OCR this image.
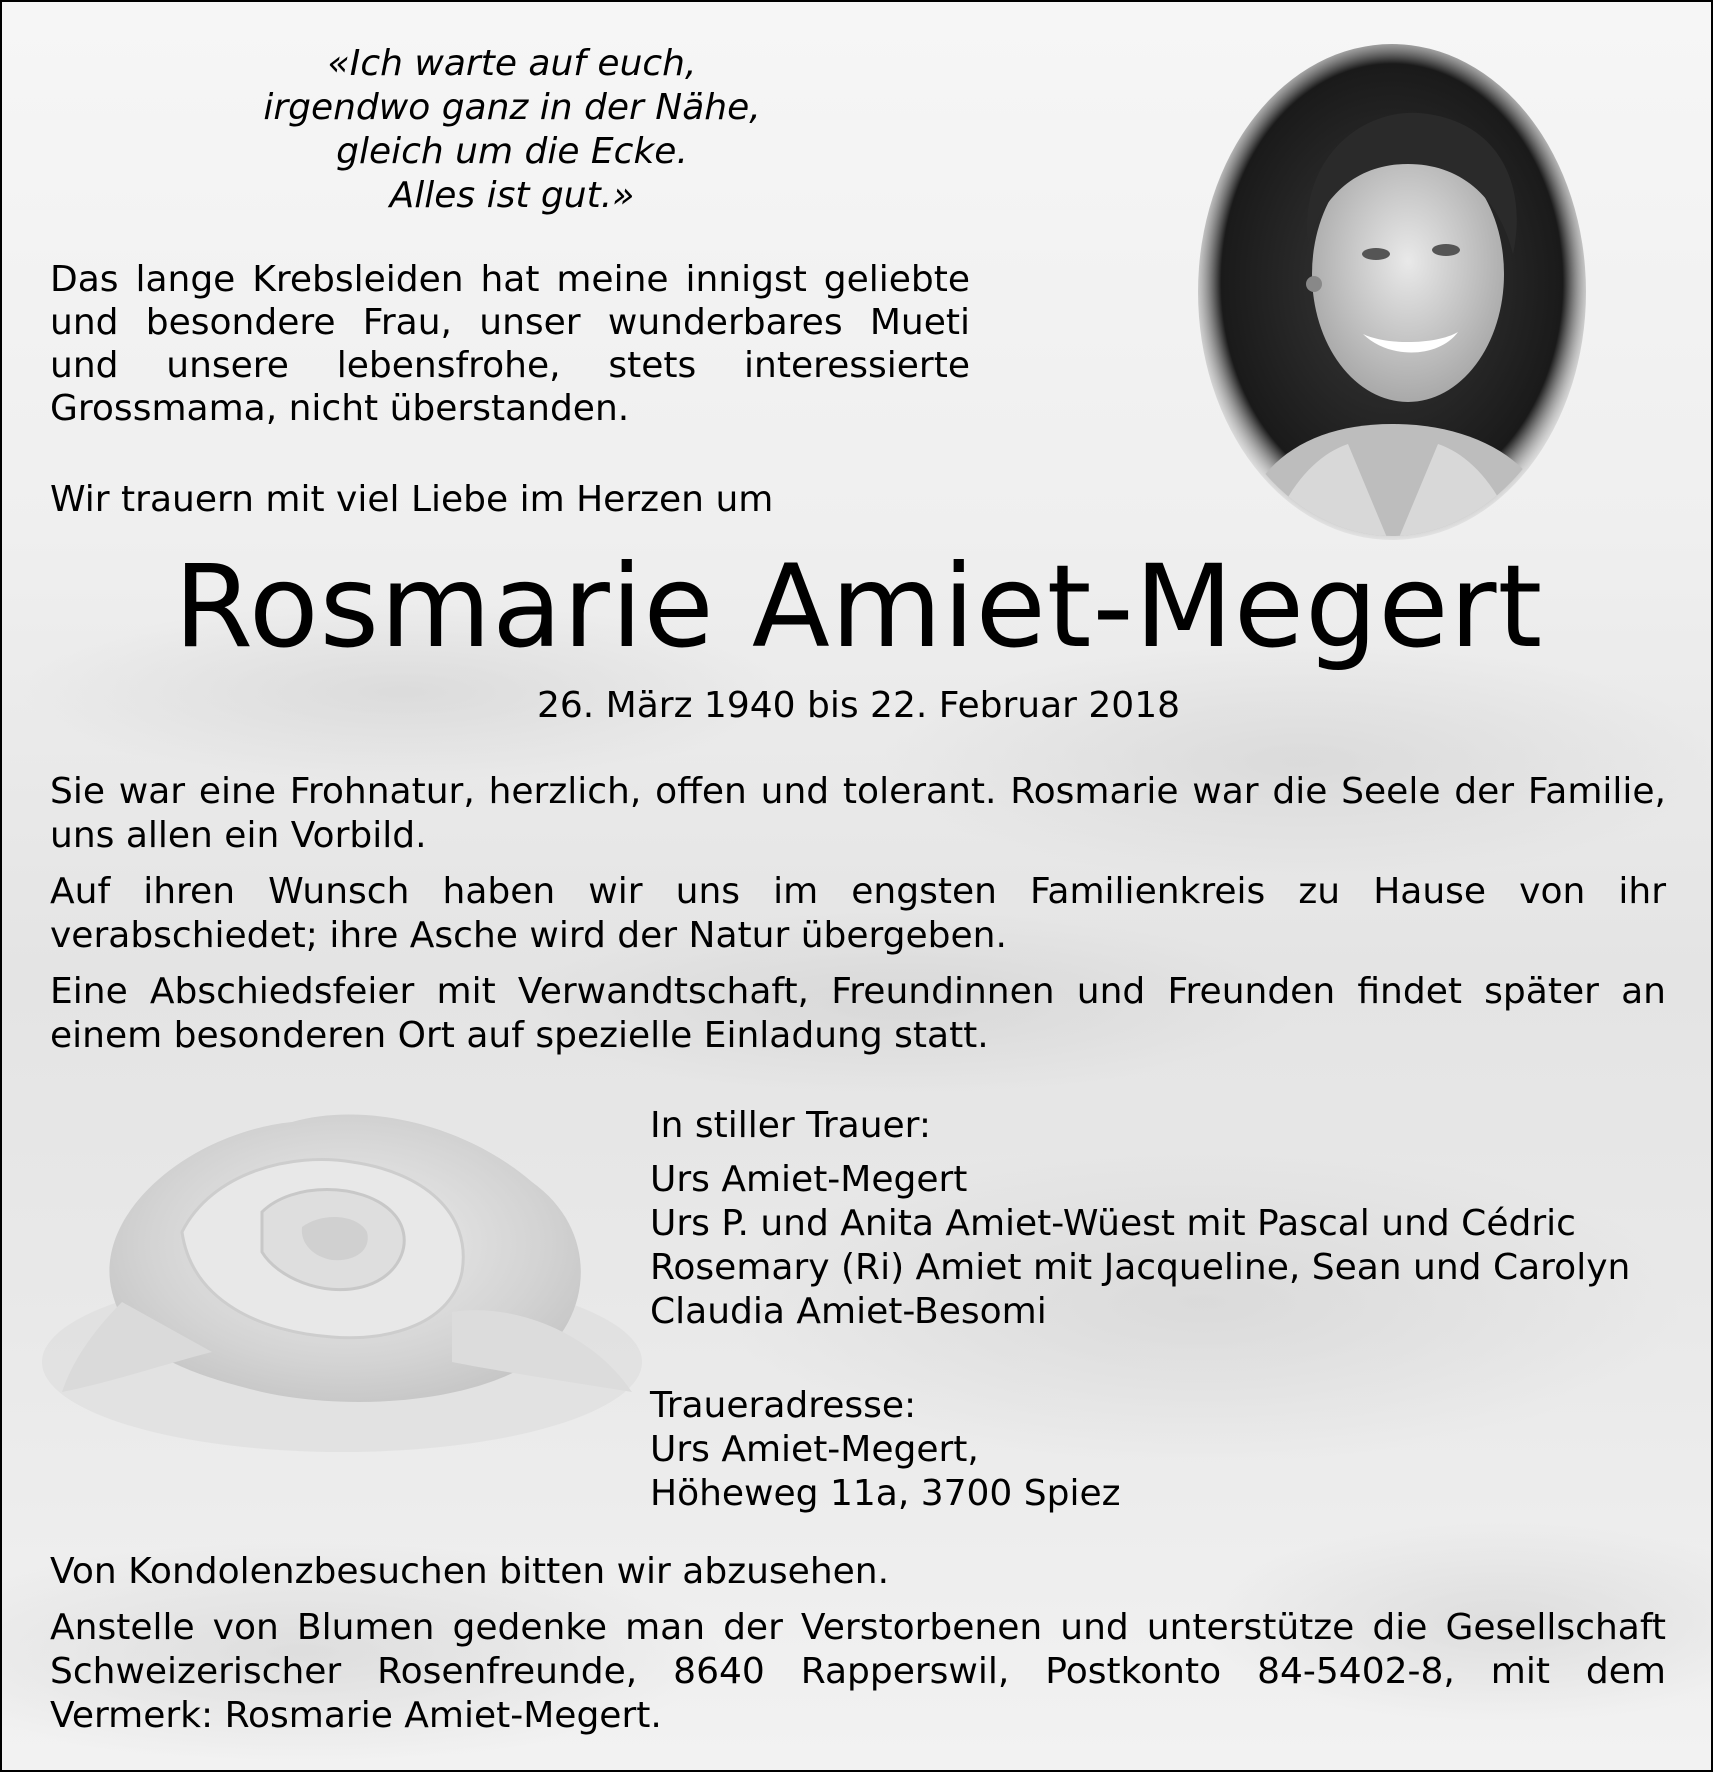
«Ich warte auf euch,
irgendwo ganz in der Nähe,
gleich um die Ecke.
Alles ist gut.»
Das lange Krebsleiden hat meine innigst geliebte und besondere Frau, unser wunderbares Mueti und unsere lebensfrohe, stets interessierte Grossmama, nicht überstanden.
Wir trauern mit viel Liebe im Herzen um
Rosmarie Amiet-Megert
26. März 1940 bis 22. Februar 2018

Sie war eine Frohnatur, herzlich, offen und tolerant. Rosmarie war die Seele der Familie, uns allen ein Vorbild.

Auf ihren Wunsch haben wir uns im engsten Familienkreis zu Hause von ihr verabschiedet; ihre Asche wird der Natur übergeben.

Eine Abschiedsfeier mit Verwandtschaft, Freundinnen und Freunden findet später an einem besonderen Ort auf spezielle Einladung statt.

In stiller Trauer:
Urs Amiet-Megert
Urs P. und Anita Amiet-Wüest mit Pascal und Cédric
Rosemary (Ri) Amiet mit Jacqueline, Sean und Carolyn
Claudia Amiet-Besomi
Traueradresse:
Urs Amiet-Megert,
Höheweg 11a, 3700 Spiez

Von Kondolenzbesuchen bitten wir abzusehen.

Anstelle von Blumen gedenke man der Verstorbenen und unterstütze die Gesellschaft Schweizerischer Rosenfreunde, 8640 Rapperswil, Postkonto 84-5402-8, mit dem Vermerk: Rosmarie Amiet-Megert.
